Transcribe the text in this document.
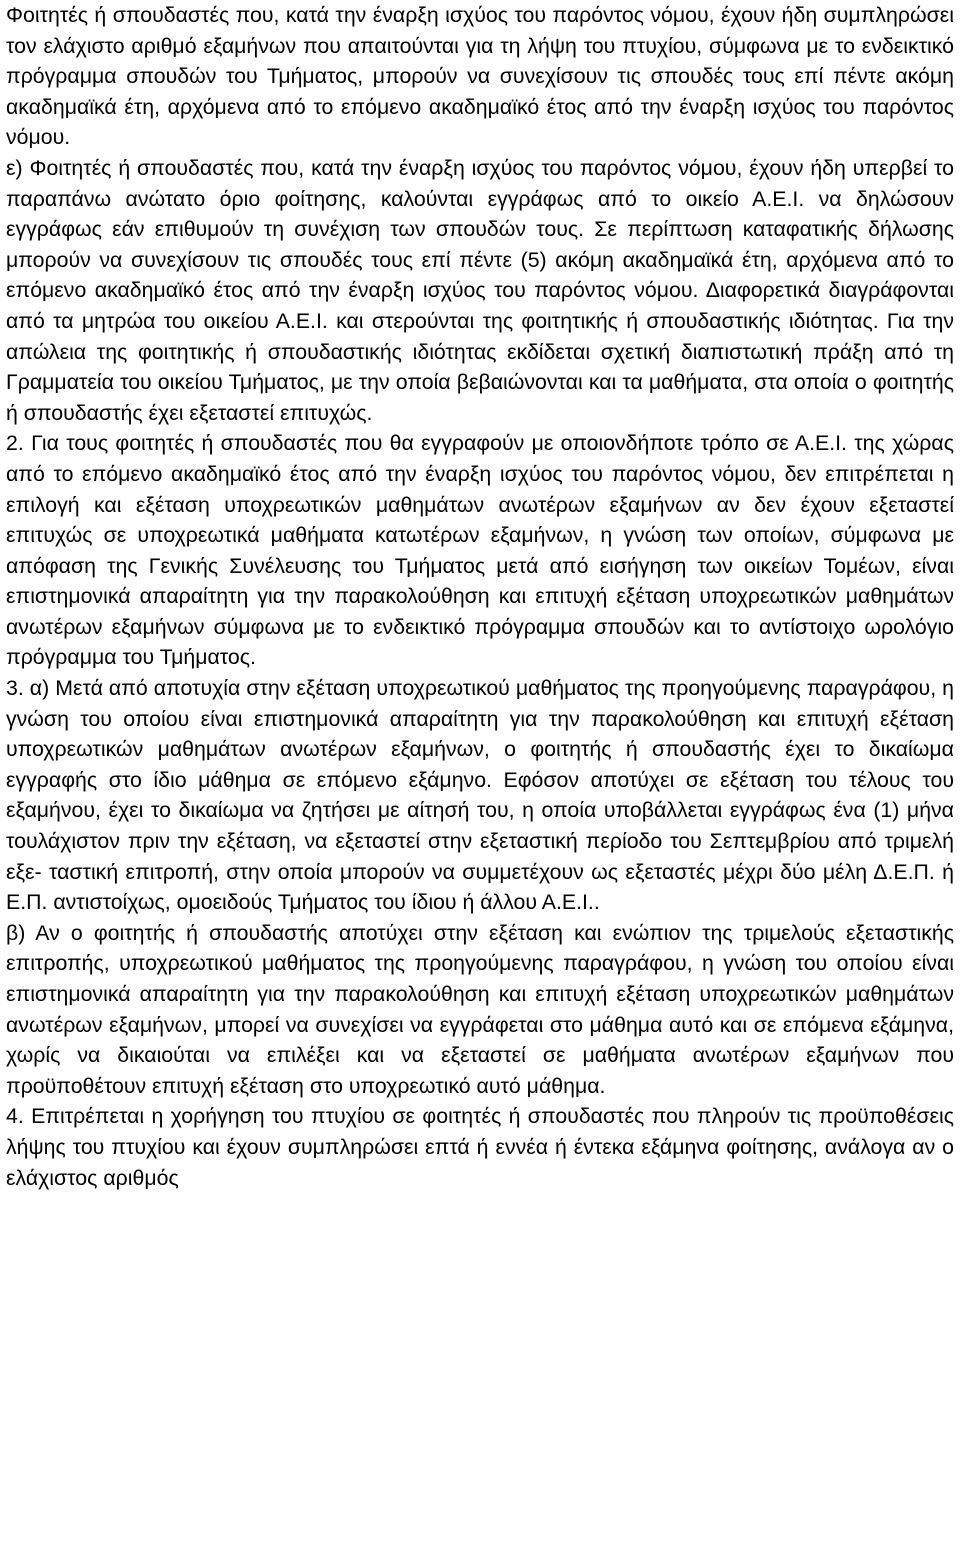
Φοιτητές ή σπουδαστές που, κατά την έναρξη ισχύος του παρόντος νόμου, έχουν ήδη συμπληρώσει τον ελάχιστο αριθμό εξαμήνων που απαιτούνται για τη λήψη του πτυχίου, σύμφωνα με το ενδεικτικό πρόγραμμα σπουδών του Τμήματος, μπορούν να συνεχίσουν τις σπουδές τους επί πέντε ακόμη ακαδημαϊκά έτη, αρχόμενα από το επόμενο ακαδημαϊκό έτος από την έναρξη ισχύος του παρόντος νόμου.

ε) Φοιτητές ή σπουδαστές που, κατά την έναρξη ισχύος του παρόντος νόμου, έχουν ήδη υπερβεί το παραπάνω ανώτατο όριο φοίτησης, καλούνται εγγράφως από το οικείο Α.Ε.Ι. να δηλώσουν εγγράφως εάν επιθυμούν τη συνέχιση των σπουδών τους. Σε περίπτωση καταφατικής δήλωσης μπορούν να συνεχίσουν τις σπουδές τους επί πέντε (5) ακόμη ακαδημαϊκά έτη, αρχόμενα από το επόμενο ακαδημαϊκό έτος από την έναρξη ισχύος του παρόντος νόμου. Διαφορετικά διαγράφονται από τα μητρώα του οικείου Α.Ε.Ι. και στερούνται της φοιτητικής ή σπουδαστικής ιδιότητας. Για την απώλεια της φοιτητικής ή σπουδαστικής ιδιότητας εκδίδεται σχετική διαπιστωτική πράξη από τη Γραμματεία του οικείου Τμήματος, με την οποία βεβαιώνονται και τα μαθήματα, στα οποία ο φοιτητής ή σπουδαστής έχει εξεταστεί επιτυχώς.

2. Για τους φοιτητές ή σπουδαστές που θα εγγραφούν με οποιονδήποτε τρόπο σε Α.Ε.Ι. της χώρας από το επόμενο ακαδημαϊκό έτος από την έναρξη ισχύος του παρόντος νόμου, δεν επιτρέπεται η επιλογή και εξέταση υποχρεωτικών μαθημάτων ανωτέρων εξαμήνων αν δεν έχουν εξεταστεί επιτυχώς σε υποχρεωτικά μαθήματα κατωτέρων εξαμήνων, η γνώση των οποίων, σύμφωνα με απόφαση της Γενικής Συνέλευσης του Τμήματος μετά από εισήγηση των οικείων Τομέων, είναι επιστημονικά απαραίτητη για την παρακολούθηση και επιτυχή εξέταση υποχρεωτικών μαθημάτων ανωτέρων εξαμήνων σύμφωνα με το ενδεικτικό πρόγραμμα σπουδών και το αντίστοιχο ωρολόγιο πρόγραμμα του Τμήματος.

3. α) Μετά από αποτυχία στην εξέταση υποχρεωτικού μαθήματος της προηγούμενης παραγράφου, η γνώση του οποίου είναι επιστημονικά απαραίτητη για την παρακολούθηση και επιτυχή εξέταση υποχρεωτικών μαθημάτων ανωτέρων εξαμήνων, ο φοιτητής ή σπουδαστής έχει το δικαίωμα εγγραφής στο ίδιο μάθημα σε επόμενο εξάμηνο. Εφόσον αποτύχει σε εξέταση του τέλους του εξαμήνου, έχει το δικαίωμα να ζητήσει με αίτησή του, η οποία υποβάλλεται εγγράφως ένα (1) μήνα τουλάχιστον πριν την εξέταση, να εξεταστεί στην εξεταστική περίοδο του Σεπτεμβρίου από τριμελή εξε- ταστική επιτροπή, στην οποία μπορούν να συμμετέχουν ως εξεταστές μέχρι δύο μέλη Δ.Ε.Π. ή Ε.Π. αντιστοίχως, ομοειδούς Τμήματος του ίδιου ή άλλου Α.Ε.Ι..

β) Αν ο φοιτητής ή σπουδαστής αποτύχει στην εξέταση και ενώπιον της τριμελούς εξεταστικής επιτροπής, υποχρεωτικού μαθήματος της προηγούμενης παραγράφου, η γνώση του οποίου είναι επιστημονικά απαραίτητη για την παρακολούθηση και επιτυχή εξέταση υποχρεωτικών μαθημάτων ανωτέρων εξαμήνων, μπορεί να συνεχίσει να εγγράφεται στο μάθημα αυτό και σε επόμενα εξάμηνα, χωρίς να δικαιούται να επιλέξει και να εξεταστεί σε μαθήματα ανωτέρων εξαμήνων που προϋποθέτουν επιτυχή εξέταση στο υποχρεωτικό αυτό μάθημα.

4. Επιτρέπεται η χορήγηση του πτυχίου σε φοιτητές ή σπουδαστές που πληρούν τις προϋποθέσεις λήψης του πτυχίου και έχουν συμπληρώσει επτά ή εννέα ή έντεκα εξάμηνα φοίτησης, ανάλογα αν ο ελάχιστος αριθμός
